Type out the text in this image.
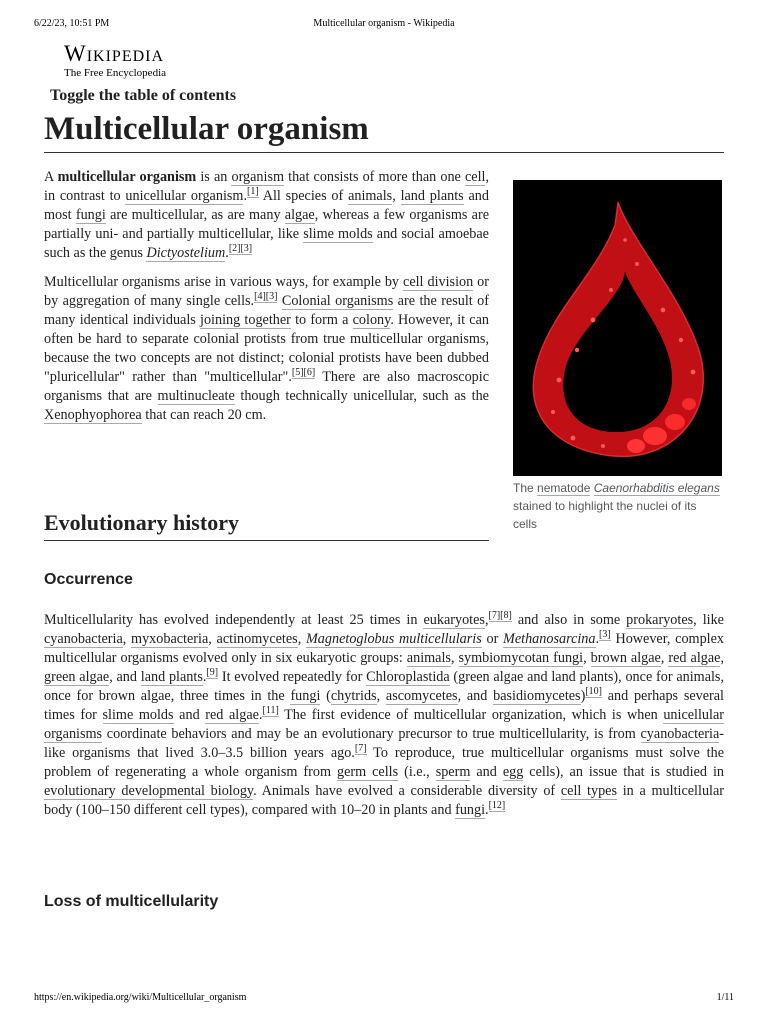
6/22/23, 10:51 PM	Multicellular organism - Wikipedia
Wikipedia
The Free Encyclopedia
Toggle the table of contents
Multicellular organism

A multicellular organism is an organism that consists of more than one cell, in contrast to unicellular organism.[1] All species of animals, land plants and most fungi are multicellular, as are many algae, whereas a few organisms are partially uni- and partially multicellular, like slime molds and social amoebae such as the genus Dictyostelium.[2][3]

Multicellular organisms arise in various ways, for example by cell division or by aggregation of many single cells.[4][3] Colonial organisms are the result of many identical individuals joining together to form a colony. However, it can often be hard to separate colonial protists from true multicellular organisms, because the two concepts are not distinct; colonial protists have been dubbed "pluricellular" rather than "multicellular".[5][6] There are also macroscopic organisms that are multinucleate though technically unicellular, such as the Xenophyophorea that can reach 20 cm.

The nematode Caenorhabditis elegans stained to highlight the nuclei of its cells
Evolutionary history
Occurrence

Multicellularity has evolved independently at least 25 times in eukaryotes,[7][8] and also in some prokaryotes, like cyanobacteria, myxobacteria, actinomycetes, Magnetoglobus multicellularis or Methanosarcina.[3] However, complex multicellular organisms evolved only in six eukaryotic groups: animals, symbiomycotan fungi, brown algae, red algae, green algae, and land plants.[9] It evolved repeatedly for Chloroplastida (green algae and land plants), once for animals, once for brown algae, three times in the fungi (chytrids, ascomycetes, and basidiomycetes)[10] and perhaps several times for slime molds and red algae.[11] The first evidence of multicellular organization, which is when unicellular organisms coordinate behaviors and may be an evolutionary precursor to true multicellularity, is from cyanobacteria-like organisms that lived 3.0–3.5 billion years ago.[7] To reproduce, true multicellular organisms must solve the problem of regenerating a whole organism from germ cells (i.e., sperm and egg cells), an issue that is studied in evolutionary developmental biology. Animals have evolved a considerable diversity of cell types in a multicellular body (100–150 different cell types), compared with 10–20 in plants and fungi.[12]

Loss of multicellularity
https://en.wikipedia.org/wiki/Multicellular_organism	1/11
